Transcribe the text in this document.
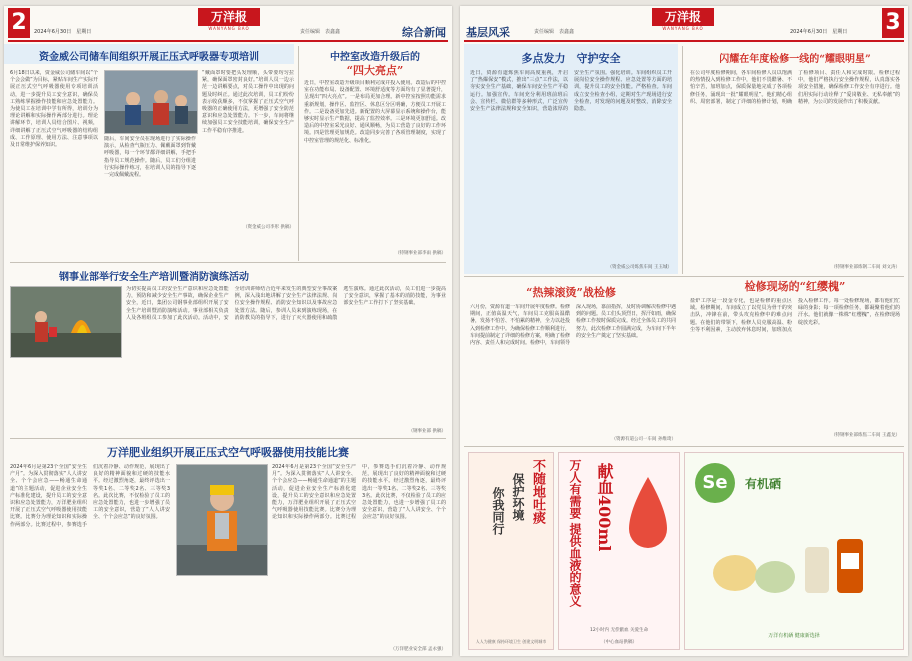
2	2024年6月30日　星期日
万洋报
WANYANG BAO
责任编辑　表鑫鑫	综合新闻
资金威公司储车间组织开展正压式呼吸器专项培训
6月18日以来，资金威公司储车间以“个个会会做”为目标，紧贴车间生产实际开展正压式空气呼吸器使用专项培训活动，进一步提升员工安全意识，确保员工熟练掌握操作技能和应急处置能力。为使员工在培训中学有所得，培训分为理论讲解和实际操作两部分进行。理论讲解环节，培训人员结合图片、视频，详细讲解了正压式空气呼吸器的结构组成、工作原理、使用方法、注意事项以及日常维护保养知识。
随后，车间安全员在现场进行了实际操作演示，从检查气瓶压力、佩戴面罩到背戴呼吸器，每一个环节都详细讲解，手把手指导员工规范操作。随后，员工们分组进行实际操作练习，在培训人员的指导下逐一完成佩戴流程。
“戴面罩时要把头发理顺，头带要均匀拉紧，确保面罩密封良好。”培训人员一边示范一边讲解要点，对员工操作中出现的问题及时纠正。通过此次培训，员工们纷纷表示收获颇多，不仅掌握了正压式空气呼吸器的正确使用方法，更增强了安全防范意识和应急处置能力。下一步，车间将继续加强员工安全技能培训，确保安全生产工作平稳有序推进。
（资金威公司李彤 供稿）
中控室改造升级后的
“四大亮点”
近日，中控室改造升级项目顺利完成并投入使用。改造后的中控室在功能布局、设备配置、环境舒适度等方面均有了显著提升，呈现出“四大亮点”。一是布局更加合理。新中控室按照功能需求重新规划，操作区、监控区、休息区分区明确，方便员工开展工作。二是设备更加先进。新配置的大屏幕显示系统和操作台，能够实时显示生产数据，提高了监控效率。三是环境更加舒适。改造后的中控室采光良好、通风顺畅，为员工营造了良好的工作环境。四是管理更加规范。改造同步完善了各项管理制度，实现了中控室管理的规范化、标准化。
（特钢事业部李雨 供稿）
钢事业部举行安全生产培训暨消防演练活动
为切实提高员工的安全生产意识和应急处置能力，预防和减少安全生产事故，确保企业生产安全，近日，集团公司钢事业部组织开展了安全生产培训暨消防演练活动。事业部相关负责人及各班组员工参加了此次活动。活动中，安全培训讲师结合近年来发生的典型安全事故案例，深入浅出地讲解了安全生产法律法规、岗位安全操作规程、消防安全知识以及事故应急处置方法。随后，参训人员来到演练现场，在消防教员的指导下，进行了灭火器使用和疏散逃生演练。通过此次活动，员工们进一步提高了安全意识，掌握了基本的消防技能，为事业部安全生产工作打下了坚实基础。
（钢事业部 供稿）
万洋肥业组织开展正压式空气呼吸器使用技能比赛
2024年6月是第23个全国“安全生产月”。为深入贯彻落实“人人讲安全、个个会应急——畅通生命通道”的主题活动，促进企业安全生产标准化建设，提升员工的安全意识和应急处置能力，万洋肥业组织开展了正压式空气呼吸器使用技能比赛。比赛分为理论知识和实际操作两部分。比赛过程中，参赛选手们沉着冷静、动作规范，展现出了良好的精神面貌和过硬的技能水平。经过激烈角逐，最终评选出一等奖1名、二等奖2名、三等奖3名。此次比赛，不仅检验了员工的应急处置能力，也进一步增强了员工的安全意识，营造了“人人讲安全、个个会应急”的良好氛围。
2024年6月是第23个全国“安全生产月”。为深入贯彻落实“人人讲安全、个个会应急——畅通生命通道”的主题活动，促进企业安全生产标准化建设，提升员工的安全意识和应急处置能力，万洋肥业组织开展了正压式空气呼吸器使用技能比赛。比赛分为理论知识和实际操作两部分。比赛过程中，参赛选手们沉着冷静、动作规范，展现出了良好的精神面貌和过硬的技能水平。经过激烈角逐，最终评选出一等奖1名、二等奖2名、三等奖3名。此次比赛，不仅检验了员工的应急处置能力，也进一步增强了员工的安全意识，营造了“人人讲安全、个个会应急”的良好氛围。
（万洋肥业安全部 孟永强）
基层风采	责任编辑　表鑫鑫
万洋报
WANYANG BAO
2024年6月30日　星期日 3
多点发力　守护安全
近日，资源有道炼焦车间高度重视，开启了“热爆保安”模式，推出“三点”工作法，以夯实安全生产基础，确保车间安全生产平稳运行。加强宣传。车间充分利用班前班后会、宣传栏、微信群等多种形式，广泛宣传安全生产法律法规和安全知识，营造浓厚的安全生产氛围。强化培训。车间组织员工开展岗位安全操作规程、应急处置等方面的培训，提升员工的安全技能。严格检查。车间成立安全检查小组，定期对生产现场进行安全检查，对发现的问题及时整改，消除安全隐患。
（资金威公司炼焦车间 王玉城）
闪耀在年度检修一线的“耀眼明星”
在公司年度检修期间，各车间检修人员以饱满的热情投入到检修工作中，他们不畏酷暑、不怕辛苦，加班加点，保质保量地完成了各项检修任务，涌现出一批“耀眼明星”。他们精心组织、周密部署，制定了详细的检修计划，明确了检修项目、责任人和完成时限。检修过程中，他们严格执行安全操作规程，认真落实各项安全措施，确保检修工作安全有序进行。他们用实际行动诠释了“爱岗敬业、无私奉献”的精神，为公司的发展作出了积极贡献。
（特钢事业部炼钢二车间 刘文涛）
“热辣滚烫”战检修
六月份，资源有道一车间开展年度检修。检修期间，正值高温天气，车间员工克服高温酷暑，发扬不怕苦、不怕累的精神，全力以赴投入到检修工作中。为确保检修工作顺利进行，车间提前制定了详细的检修方案，明确了检修内容、责任人和完成时间。检修中，车间领导深入现场，靠前指挥，及时协调解决检修中遇到的问题。员工们头顶烈日，挥汗如雨，确保检修工作按时保质完成。经过全体员工的共同努力，此次检修工作圆满完成，为车间下半年的安全生产奠定了坚实基础。
（资源有道公司一车间 孙维琦）
检修现场的“红缨槐”
盐炉工序是一段金专化，也是检修的重点区域。检修期间，车间成立了以党员为骨干的突击队，冲锋在前，带头攻克检修中的难点问题。在他们的带领下，检修人员克服高温、粉尘等不利因素，主动放弃休息时间，加班加点投入检修工作。每一处检修现场，都有他们忙碌的身影；每一项检修任务，都凝聚着他们的汗水。他们就像一株株“红缨槐”，在检修现场绽放光彩。
（特钢事业部炼焦二车间 王鑫龙）
不随地吐痰
保护环境
你我同行
人人为健康 保持环境卫生 创建文明城市
万人有需要 提供血液的意义 献血400ml
12小时内 无偿献血 关爱生命
（中心血站供稿）
Se	有机硒
万洋有机硒 健康新选择
